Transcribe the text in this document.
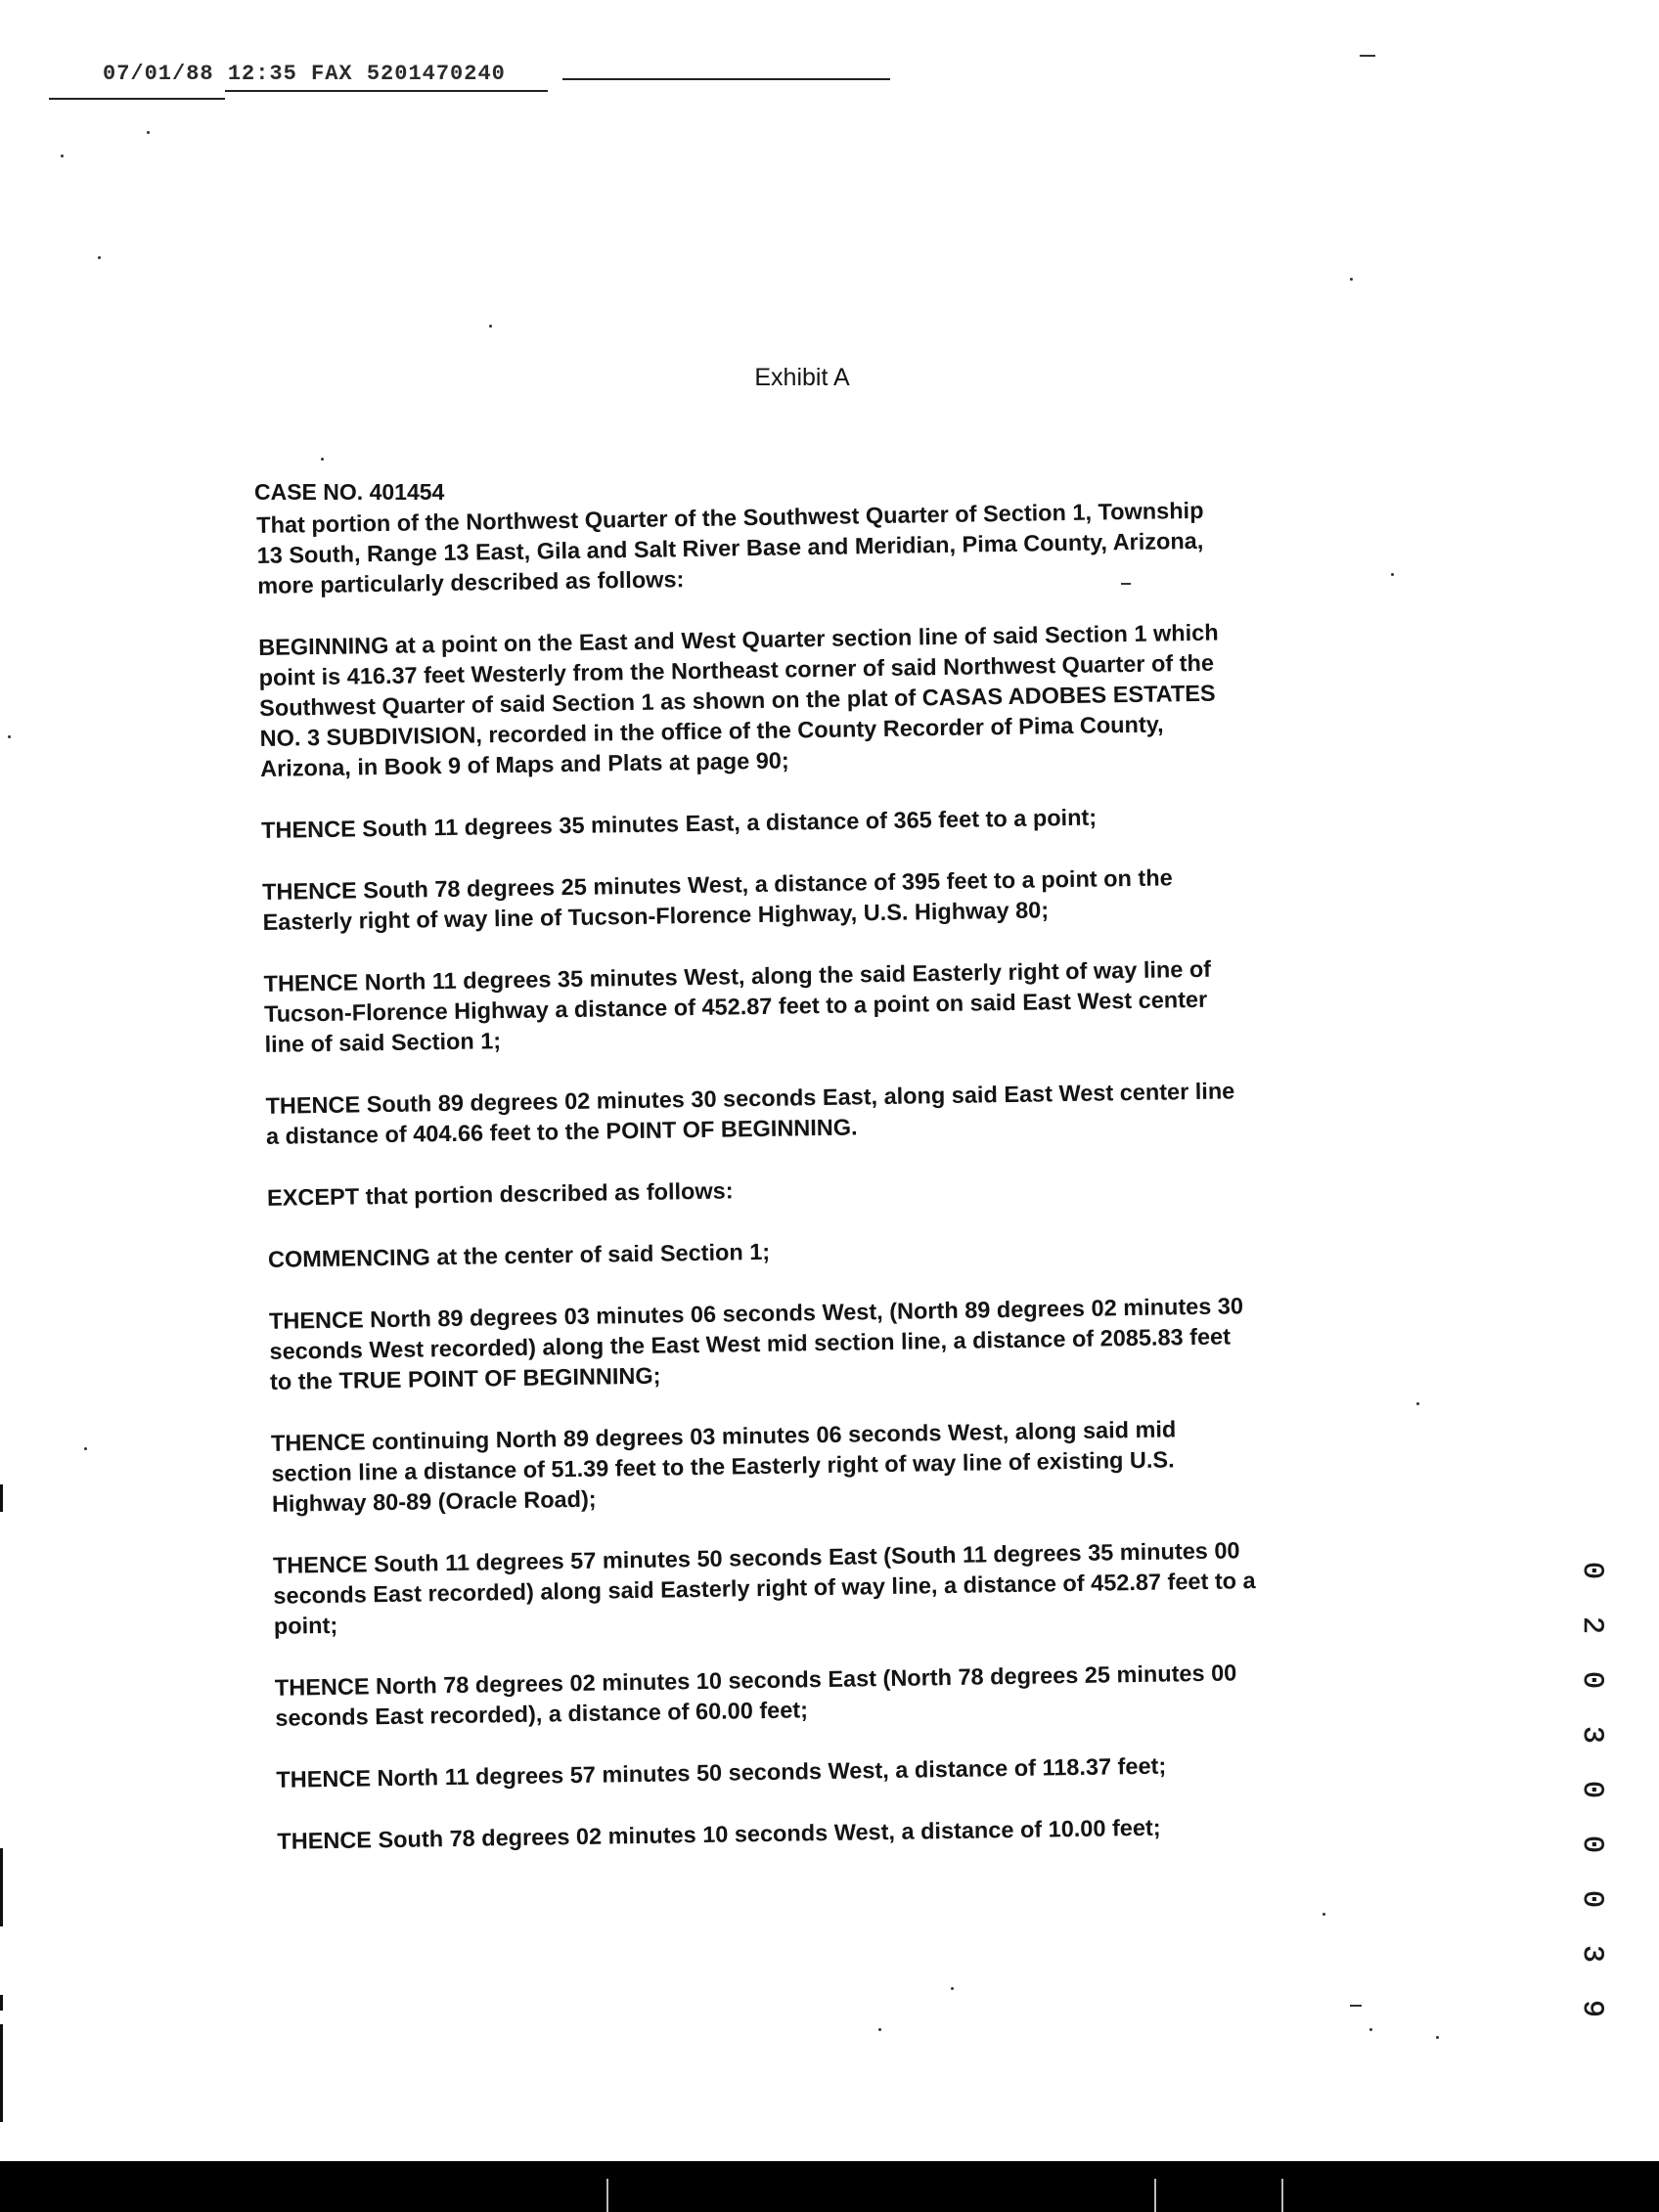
07/01/88 12:35 FAX 5201470240
Exhibit A
CASE NO. 401454

That portion of the Northwest Quarter of the Southwest Quarter of Section 1, Township
13 South, Range 13 East, Gila and Salt River Base and Meridian, Pima County, Arizona,
more particularly described as follows:

BEGINNING at a point on the East and West Quarter section line of said Section 1 which
point is 416.37 feet Westerly from the Northeast corner of said Northwest Quarter of the
Southwest Quarter of said Section 1 as shown on the plat of CASAS ADOBES ESTATES
NO. 3 SUBDIVISION, recorded in the office of the County Recorder of Pima County,
Arizona, in Book 9 of Maps and Plats at page 90;

THENCE South 11 degrees 35 minutes East, a distance of 365 feet to a point;

THENCE South 78 degrees 25 minutes West, a distance of 395 feet to a point on the
Easterly right of way line of Tucson-Florence Highway, U.S. Highway 80;

THENCE North 11 degrees 35 minutes West, along the said Easterly right of way line of
Tucson-Florence Highway a distance of 452.87 feet to a point on said East West center
line of said Section 1;

THENCE South 89 degrees 02 minutes 30 seconds East, along said East West center line
a distance of 404.66 feet to the POINT OF BEGINNING.

EXCEPT that portion described as follows:

COMMENCING at the center of said Section 1;

THENCE North 89 degrees 03 minutes 06 seconds West, (North 89 degrees 02 minutes 30
seconds West recorded) along the East West mid section line, a distance of 2085.83 feet
to the TRUE POINT OF BEGINNING;

THENCE continuing North 89 degrees 03 minutes 06 seconds West, along said mid
section line a distance of 51.39 feet to the Easterly right of way line of existing U.S.
Highway 80-89 (Oracle Road);

THENCE South 11 degrees 57 minutes 50 seconds East (South 11 degrees 35 minutes 00
seconds East recorded) along said Easterly right of way line, a distance of 452.87 feet to a
point;

THENCE North 78 degrees 02 minutes 10 seconds East (North 78 degrees 25 minutes 00
seconds East recorded), a distance of 60.00 feet;

THENCE North 11 degrees 57 minutes 50 seconds West, a distance of 118.37 feet;

THENCE South 78 degrees 02 minutes 10 seconds West, a distance of 10.00 feet;	0 2 0 3 0 0 0 3 9
